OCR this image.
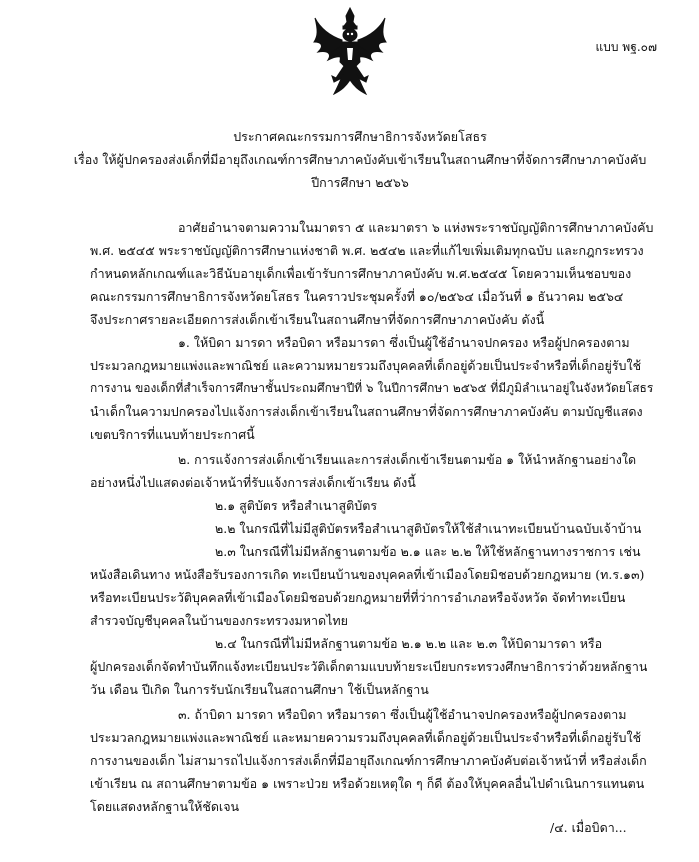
แบบ พฐ.๐๗
ประกาศคณะกรรมการศึกษาธิการจังหวัดยโสธร
เรื่อง ให้ผู้ปกครองส่งเด็กที่มีอายุถึงเกณฑ์การศึกษาภาคบังคับเข้าเรียนในสถานศึกษาที่จัดการศึกษาภาคบังคับ
ปีการศึกษา ๒๕๖๖
อาศัยอำนาจตามความในมาตรา ๕ และมาตรา ๖ แห่งพระราชบัญญัติการศึกษาภาคบังคับ
พ.ศ. ๒๕๔๕ พระราชบัญญัติการศึกษาแห่งชาติ พ.ศ. ๒๕๔๒ และที่แก้ไขเพิ่มเติมทุกฉบับ และกฎกระทรวง
กำหนดหลักเกณฑ์และวิธีนับอายุเด็กเพื่อเข้ารับการศึกษาภาคบังคับ พ.ศ.๒๕๔๕ โดยความเห็นชอบของ
คณะกรรมการศึกษาธิการจังหวัดยโสธร ในคราวประชุมครั้งที่ ๑๐/๒๕๖๔ เมื่อวันที่ ๑ ธันวาคม ๒๕๖๔
จึงประกาศรายละเอียดการส่งเด็กเข้าเรียนในสถานศึกษาที่จัดการศึกษาภาคบังคับ ดังนี้
๑. ให้บิดา มารดา หรือบิดา หรือมารดา ซึ่งเป็นผู้ใช้อำนาจปกครอง หรือผู้ปกครองตาม
ประมวลกฎหมายแพ่งและพาณิชย์ และความหมายรวมถึงบุคคลที่เด็กอยู่ด้วยเป็นประจำหรือที่เด็กอยู่รับใช้
การงาน ของเด็กที่สำเร็จการศึกษาชั้นประถมศึกษาปีที่ ๖ ในปีการศึกษา ๒๕๖๕ ที่มีภูมิลำเนาอยู่ในจังหวัดยโสธร
นำเด็กในความปกครองไปแจ้งการส่งเด็กเข้าเรียนในสถานศึกษาที่จัดการศึกษาภาคบังคับ ตามบัญชีแสดง
เขตบริการที่แนบท้ายประกาศนี้
๒. การแจ้งการส่งเด็กเข้าเรียนและการส่งเด็กเข้าเรียนตามข้อ ๑ ให้นำหลักฐานอย่างใด
อย่างหนึ่งไปแสดงต่อเจ้าหน้าที่รับแจ้งการส่งเด็กเข้าเรียน ดังนี้
๒.๑ สูติบัตร หรือสำเนาสูติบัตร
๒.๒ ในกรณีที่ไม่มีสูติบัตรหรือสำเนาสูติบัตรให้ใช้สำเนาทะเบียนบ้านฉบับเจ้าบ้าน
๒.๓ ในกรณีที่ไม่มีหลักฐานตามข้อ ๒.๑ และ ๒.๒ ให้ใช้หลักฐานทางราชการ เช่น
หนังสือเดินทาง หนังสือรับรองการเกิด ทะเบียนบ้านของบุคคลที่เข้าเมืองโดยมิชอบด้วยกฎหมาย (ท.ร.๑๓)
หรือทะเบียนประวัติบุคคลที่เข้าเมืองโดยมิชอบด้วยกฎหมายที่ที่ว่าการอำเภอหรือจังหวัด จัดทำทะเบียน
สำรวจบัญชีบุคคลในบ้านของกระทรวงมหาดไทย
๒.๔ ในกรณีที่ไม่มีหลักฐานตามข้อ ๒.๑ ๒.๒ และ ๒.๓ ให้บิดามารดา หรือ
ผู้ปกครองเด็กจัดทำบันทึกแจ้งทะเบียนประวัติเด็กตามแบบท้ายระเบียบกระทรวงศึกษาธิการว่าด้วยหลักฐาน
วัน เดือน ปีเกิด ในการรับนักเรียนในสถานศึกษา ใช้เป็นหลักฐาน
๓. ถ้าบิดา มารดา หรือบิดา หรือมารดา ซึ่งเป็นผู้ใช้อำนาจปกครองหรือผู้ปกครองตาม
ประมวลกฎหมายแพ่งและพาณิชย์ และหมายความรวมถึงบุคคลที่เด็กอยู่ด้วยเป็นประจำหรือที่เด็กอยู่รับใช้
การงานของเด็ก ไม่สามารถไปแจ้งการส่งเด็กที่มีอายุถึงเกณฑ์การศึกษาภาคบังคับต่อเจ้าหน้าที่ หรือส่งเด็ก
เข้าเรียน ณ สถานศึกษาตามข้อ ๑ เพราะป่วย หรือด้วยเหตุใด ๆ ก็ดี ต้องให้บุคคลอื่นไปดำเนินการแทนตน
โดยแสดงหลักฐานให้ชัดเจน
/๔. เมื่อบิดา...
